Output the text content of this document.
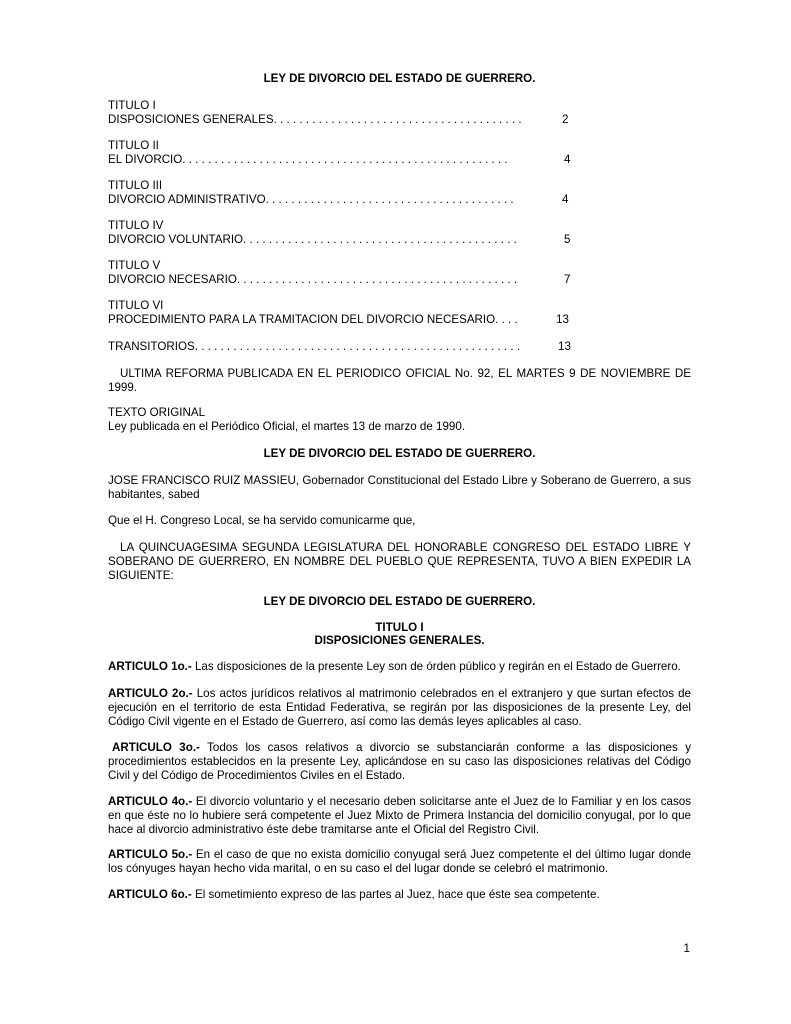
LEY DE DIVORCIO DEL ESTADO DE GUERRERO.
TITULO I
DISPOSICIONES GENERALES. . . . . . . . . . . . . . . . . . . . . . . . . . . . . . . . . . . . . . .	2
TITULO II
EL DIVORCIO. . . . . . . . . . . . . . . . . . . . . . . . . . . . . . . . . . . . . . . . . . . . . . . . . . .	4
TITULO III
DIVORCIO ADMINISTRATIVO. . . . . . . . . . . . . . . . . . . . . . . . . . . . . . . . . . . . . . .	4
TITULO IV
DIVORCIO VOLUNTARIO. . . . . . . . . . . . . . . . . . . . . . . . . . . . . . . . . . . . . . . . . . .	5
TITULO V
DIVORCIO NECESARIO. . . . . . . . . . . . . . . . . . . . . . . . . . . . . . . . . . . . . . . . . . . .	7
TITULO VI
PROCEDIMIENTO PARA LA TRAMITACION DEL DIVORCIO NECESARIO. . . .	13
TRANSITORIOS. . . . . . . . . . . . . . . . . . . . . . . . . . . . . . . . . . . . . . . . . . . . . . . . . . .	13
ULTIMA REFORMA PUBLICADA EN EL PERIODICO OFICIAL No. 92, EL MARTES 9 DE NOVIEMBRE DE 1999.
TEXTO ORIGINAL
Ley publicada en el Periódico Oficial, el martes 13 de marzo de 1990.
LEY DE DIVORCIO DEL ESTADO DE GUERRERO.
JOSE FRANCISCO RUIZ MASSIEU, Gobernador Constitucional del Estado Libre y Soberano de Guerrero, a sus habitantes, sabed
Que el H. Congreso Local, se ha servido comunicarme que,
LA QUINCUAGESIMA SEGUNDA LEGISLATURA DEL HONORABLE CONGRESO DEL ESTADO LIBRE Y SOBERANO DE GUERRERO, EN NOMBRE DEL PUEBLO QUE REPRESENTA, TUVO A BIEN EXPEDIR LA SIGUIENTE:
LEY DE DIVORCIO DEL ESTADO DE GUERRERO.
TITULO I
DISPOSICIONES GENERALES.
ARTICULO 1o.- Las disposiciones de la presente Ley son de órden público y regirán en el Estado de Guerrero.
ARTICULO 2o.- Los actos jurídicos relativos al matrimonio celebrados en el extranjero y que surtan efectos de ejecución en el territorio de esta Entidad Federativa, se regirán por las disposiciones de la presente Ley, del Código Civil vigente en el Estado de Guerrero, así como las demás leyes aplicables al caso.
ARTICULO 3o.- Todos los casos relativos a divorcio se substanciarán conforme a las disposiciones y procedimientos establecidos en la presente Ley, aplicándose en su caso las disposiciones relativas del Código Civil y del Código de Procedimientos Civiles en el Estado.
ARTICULO 4o.- El divorcio voluntario y el necesario deben solicitarse ante el Juez de lo Familiar y en los casos en que éste no lo hubiere será competente el Juez Mixto de Primera Instancia del domicilio conyugal, por lo que hace al divorcio administrativo éste debe tramitarse ante el Oficial del Registro Civil.
ARTICULO 5o.- En el caso de que no exista domicilio conyugal será Juez competente el del último lugar donde los cónyuges hayan hecho vida marital, o en su caso el del lugar donde se celebró el matrimonio.
ARTICULO 6o.- El sometimiento expreso de las partes al Juez, hace que éste sea competente.
1
